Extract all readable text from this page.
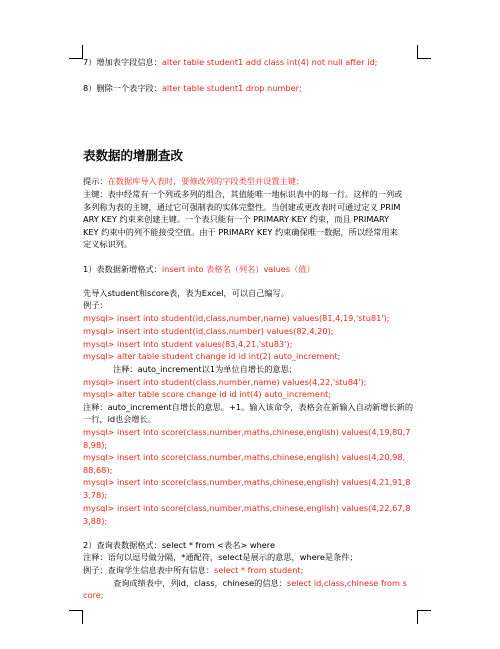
7）增加表字段信息：alter table student1 add class int(4) not null after id;
8）删除一个表字段：alter table student1 drop number;
表数据的增删查改
提示：在数据库导入表时，要修改列的字段类型并设置主键；
主键：表中经常有一个列或多列的组合，其值能唯一地标识表中的每一行。这样的一列或
多列称为表的主键，通过它可强制表的实体完整性。当创建或更改表时可通过定义 PRIM
ARY KEY 约束来创建主键。一个表只能有一个 PRIMARY KEY 约束，而且 PRIMARY
KEY 约束中的列不能接受空值。由于 PRIMARY KEY 约束确保唯一数据，所以经常用来
定义标识列。
1）表数据新增格式：insert into 表格名（列名）values（值）
先导入student和score表，表为Excel，可以自己编写。
例子：
mysql> insert into student(id,class,number,name) values(81,4,19,'stu81');
mysql> insert into student(id,class,number) values(82,4,20);
mysql> insert into student values(83,4,21,'stu83');
mysql> alter table student change id id int(2) auto_increment;
注释：auto_increment以1为单位自增长的意思；
mysql> insert into student(class,number,name) values(4,22,'stu84');
mysql> alter table score change id id int(4) auto_increment;
注释：auto_increment自增长的意思。+1。输入该命令，表格会在新输入自动新增长新的
一行，id也会增长。
mysql> insert into score(class,number,maths,chinese,english) values(4,19,80,7
8,98);
mysql> insert into score(class,number,maths,chinese,english) values(4,20,98,
88,68);
mysql> insert into score(class,number,maths,chinese,english) values(4,21,91,8
3,78);
mysql> insert into score(class,number,maths,chinese,english) values(4,22,67,8
3,88);
2）查询表数据格式：select * from <表名> where
注释：语句以逗号做分隔，*通配符，select是展示的意思，where是条件；
例子：查询学生信息表中所有信息：select * from student;
查询成绩表中，列id，class，chinese的信息：select id,class,chinese from s
core;
